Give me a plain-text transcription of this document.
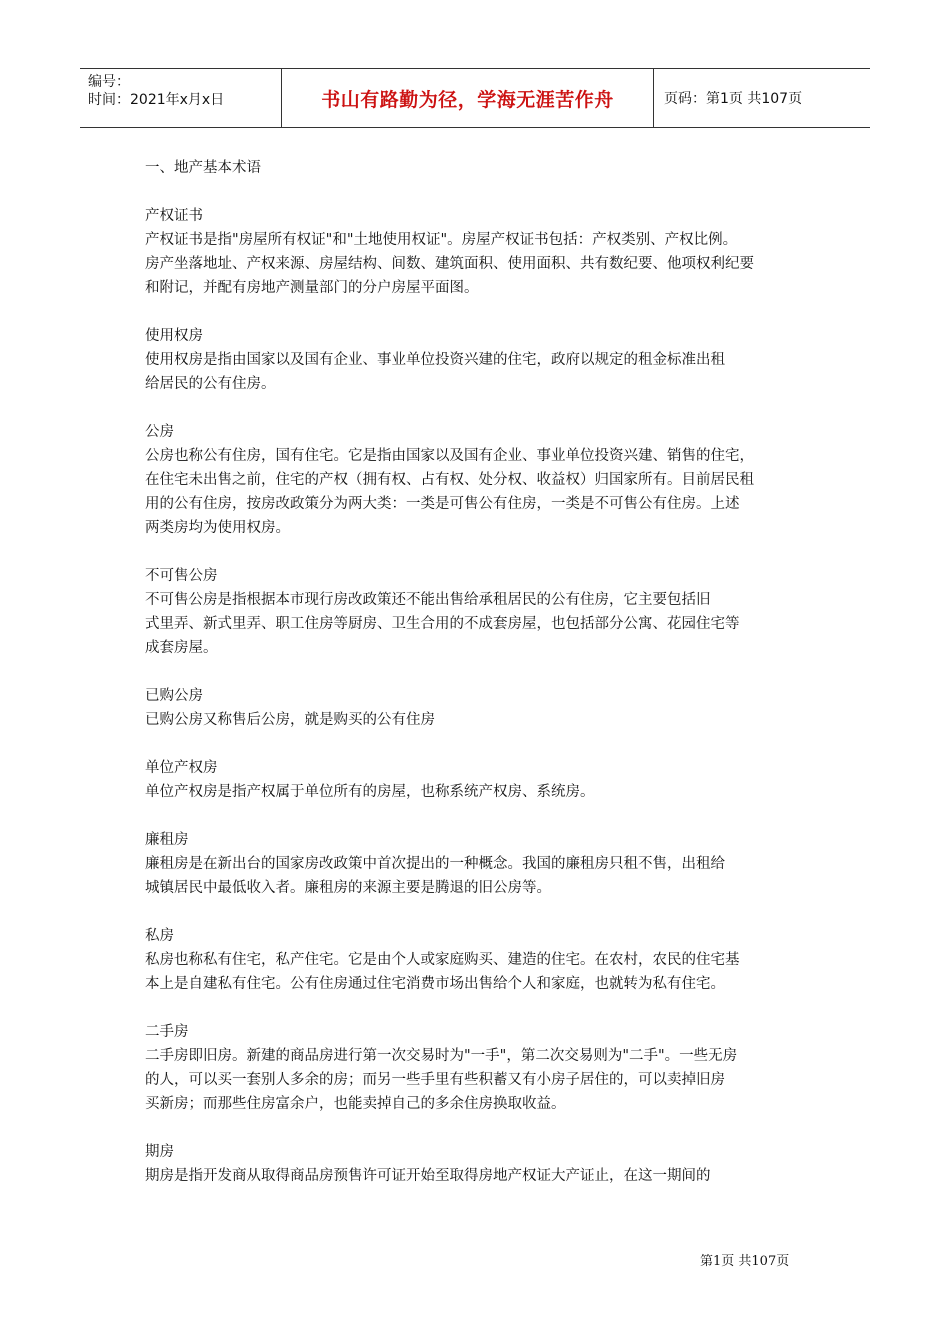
编号：
时间：2021年x月x日	书山有路勤为径，学海无涯苦作舟	页码：第1页 共107页

一、地产基本术语

产权证书

产权证书是指"房屋所有权证"和"土地使用权证"。房屋产权证书包括：产权类别、产权比例。

房产坐落地址、产权来源、房屋结构、间数、建筑面积、使用面积、共有数纪要、他项权利纪要

和附记，并配有房地产测量部门的分户房屋平面图。

使用权房

使用权房是指由国家以及国有企业、事业单位投资兴建的住宅，政府以规定的租金标准出租

给居民的公有住房。

公房

公房也称公有住房，国有住宅。它是指由国家以及国有企业、事业单位投资兴建、销售的住宅，

在住宅未出售之前，住宅的产权（拥有权、占有权、处分权、收益权）归国家所有。目前居民租

用的公有住房，按房改政策分为两大类：一类是可售公有住房，一类是不可售公有住房。上述

两类房均为使用权房。

不可售公房

不可售公房是指根据本市现行房改政策还不能出售给承租居民的公有住房，它主要包括旧

式里弄、新式里弄、职工住房等厨房、卫生合用的不成套房屋，也包括部分公寓、花园住宅等

成套房屋。

已购公房

已购公房又称售后公房，就是购买的公有住房

单位产权房

单位产权房是指产权属于单位所有的房屋，也称系统产权房、系统房。

廉租房

廉租房是在新出台的国家房改政策中首次提出的一种概念。我国的廉租房只租不售，出租给

城镇居民中最低收入者。廉租房的来源主要是腾退的旧公房等。

私房

私房也称私有住宅，私产住宅。它是由个人或家庭购买、建造的住宅。在农村，农民的住宅基

本上是自建私有住宅。公有住房通过住宅消费市场出售给个人和家庭，也就转为私有住宅。

二手房

二手房即旧房。新建的商品房进行第一次交易时为"一手"，第二次交易则为"二手"。一些无房

的人，可以买一套别人多余的房；而另一些手里有些积蓄又有小房子居住的，可以卖掉旧房

买新房；而那些住房富余户，也能卖掉自己的多余住房换取收益。

期房

期房是指开发商从取得商品房预售许可证开始至取得房地产权证大产证止，在这一期间的

第1页 共107页
